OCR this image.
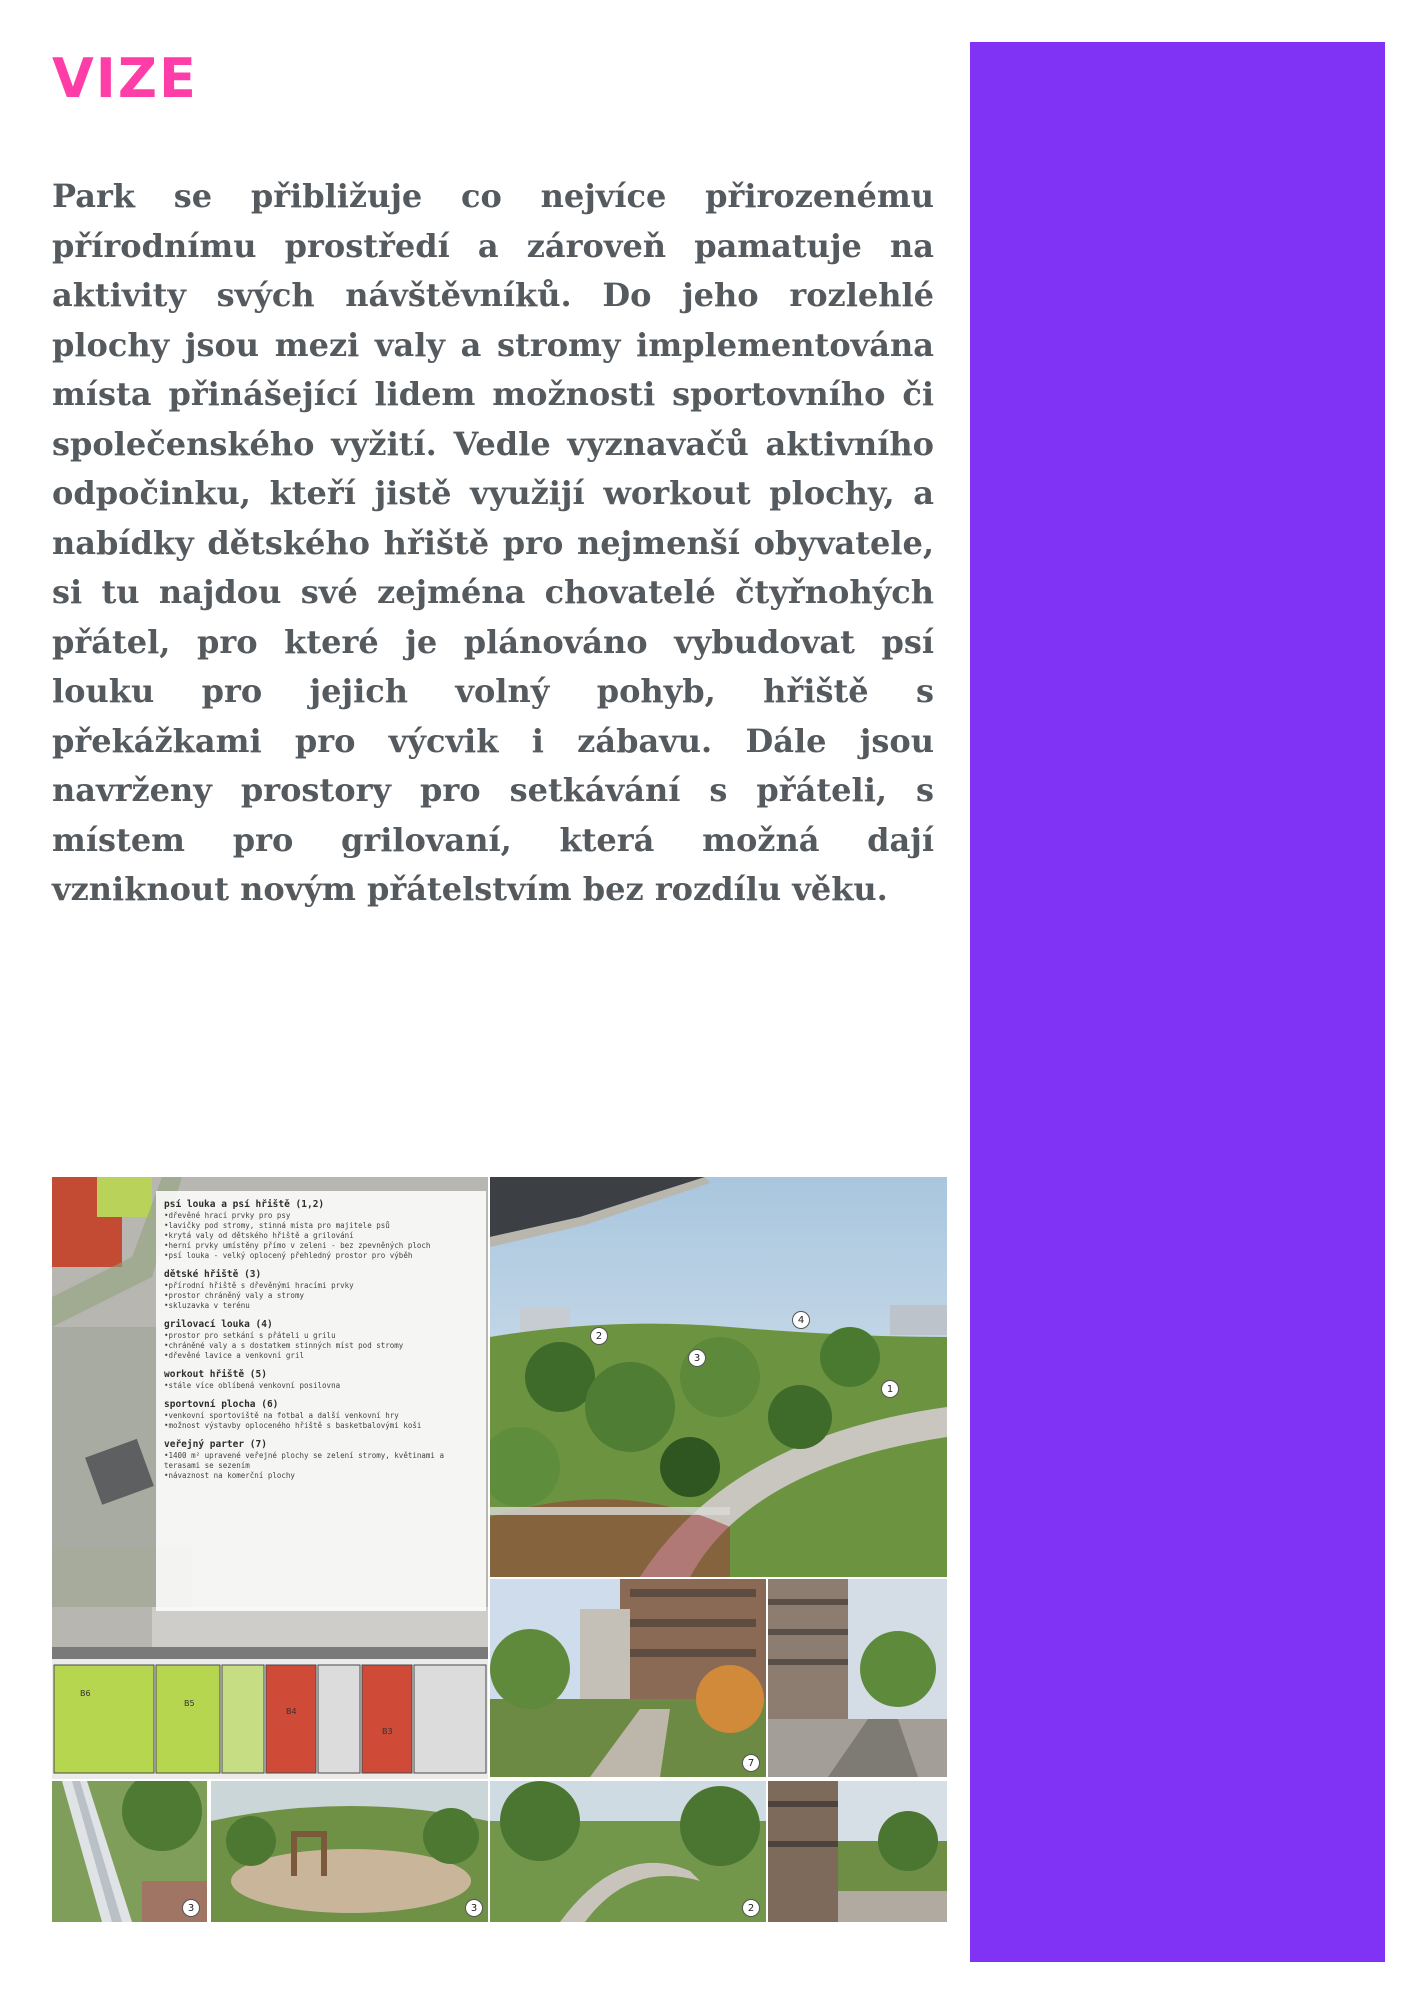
VIZE

Park se přibližuje co nejvíce přirozenému přírodnímu prostředí a zároveň pamatuje na aktivity svých návštěvníků. Do jeho rozlehlé plochy jsou mezi valy a stromy implementována místa přinášející lidem možnosti sportovního či společenského vyžití. Vedle vyznavačů aktivního odpočinku, kteří jistě využijí workout plochy, a nabídky dětského hřiště pro nejmenší obyvatele, si tu najdou své zejména chovatelé čtyřnohých přátel, pro které je plánováno vybudovat psí louku pro jejich volný pohyb, hřiště s překážkami pro výcvik i zábavu. Dále jsou navrženy prostory pro setkávání s přáteli, s místem pro grilovaní, která možná dají vzniknout novým přátelstvím bez rozdílu věku.

psí louka a psí hřiště (1,2)
• dřevěné hrací prvky pro psy
• lavičky pod stromy, stinná místa pro majitele psů
• krytá valy od dětského hřiště a grilování
• herní prvky umístěny přímo v zeleni - bez zpevněných ploch
• psí louka - velký oplocený přehledný prostor pro výběh
dětské hřiště (3)
• přírodní hřiště s dřevěnými hracími prvky
• prostor chráněný valy a stromy
• skluzavka v terénu
grilovací louka (4)
• prostor pro setkání s přáteli u grilu
• chráněné valy a s dostatkem stinných míst pod stromy
• dřevěné lavice a venkovní gril
workout hřiště (5)
• stále více oblíbená venkovní posilovna
sportovní plocha (6)
• venkovní sportoviště na fotbal a další venkovní hry
• možnost výstavby oploceného hřiště s basketbalovými koši
veřejný parter (7)
• 1400 m² upravené veřejné plochy se zelení stromy, květinami a terasami se sezením
• návaznost na komerční plochy
B6
B5
B4
B3
2
3
4
1
7
3	3	2
